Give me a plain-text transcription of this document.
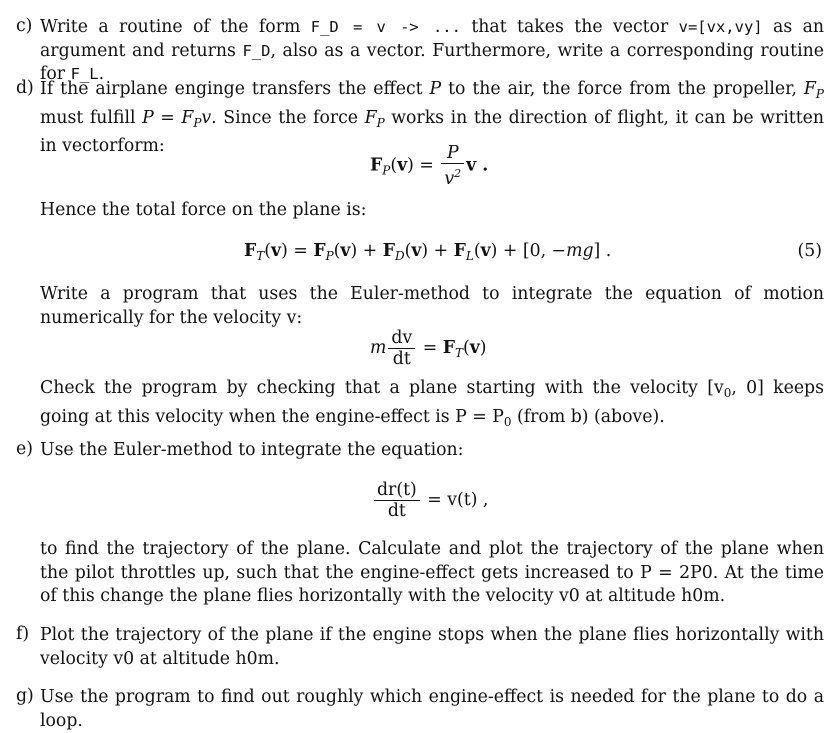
c) Write a routine of the form F_D = v -> ... that takes the vector v=[vx,vy] as an argument and returns F_D, also as a vector. Furthermore, write a corresponding routine for F_L.
d) If the airplane enginge transfers the effect P to the air, the force from the propeller, $F_P$ must fulfill $P = F_Pv$. Since the force $F_P$ works in the direction of flight, it can be written in vectorform:
$F_P(v) = \frac{P}{v^2}$ v .
Hence the total force on the plane is:
$F_T(v) = F_P(v) + F_D(v) + F_L(v) + [0$, −mg] .	(5)
Write a program that uses the Euler-method to integrate the equation of motion numerically for the velocity v:
m $\frac{dv}{dt} = F_T(v)$
Check the program by checking that a plane starting with the velocity [$v_0$, 0] keeps going at this velocity when the engine-effect is $P = P_0$ (from b) (above).
e) Use the Euler-method to integrate the equation:
$\frac{dr(t)}{dt} = v(t)$ ,
to find the trajectory of the plane. Calculate and plot the trajectory of the plane when the pilot throttles up, such that the engine-effect gets increased to P = 2P0. At the time of this change the plane flies horizontally with the velocity v0 at altitude h0m.
f) Plot the trajectory of the plane if the engine stops when the plane flies horizontally with velocity v0 at altitude h0m.
g) Use the program to find out roughly which engine-effect is needed for the plane to do a loop.
